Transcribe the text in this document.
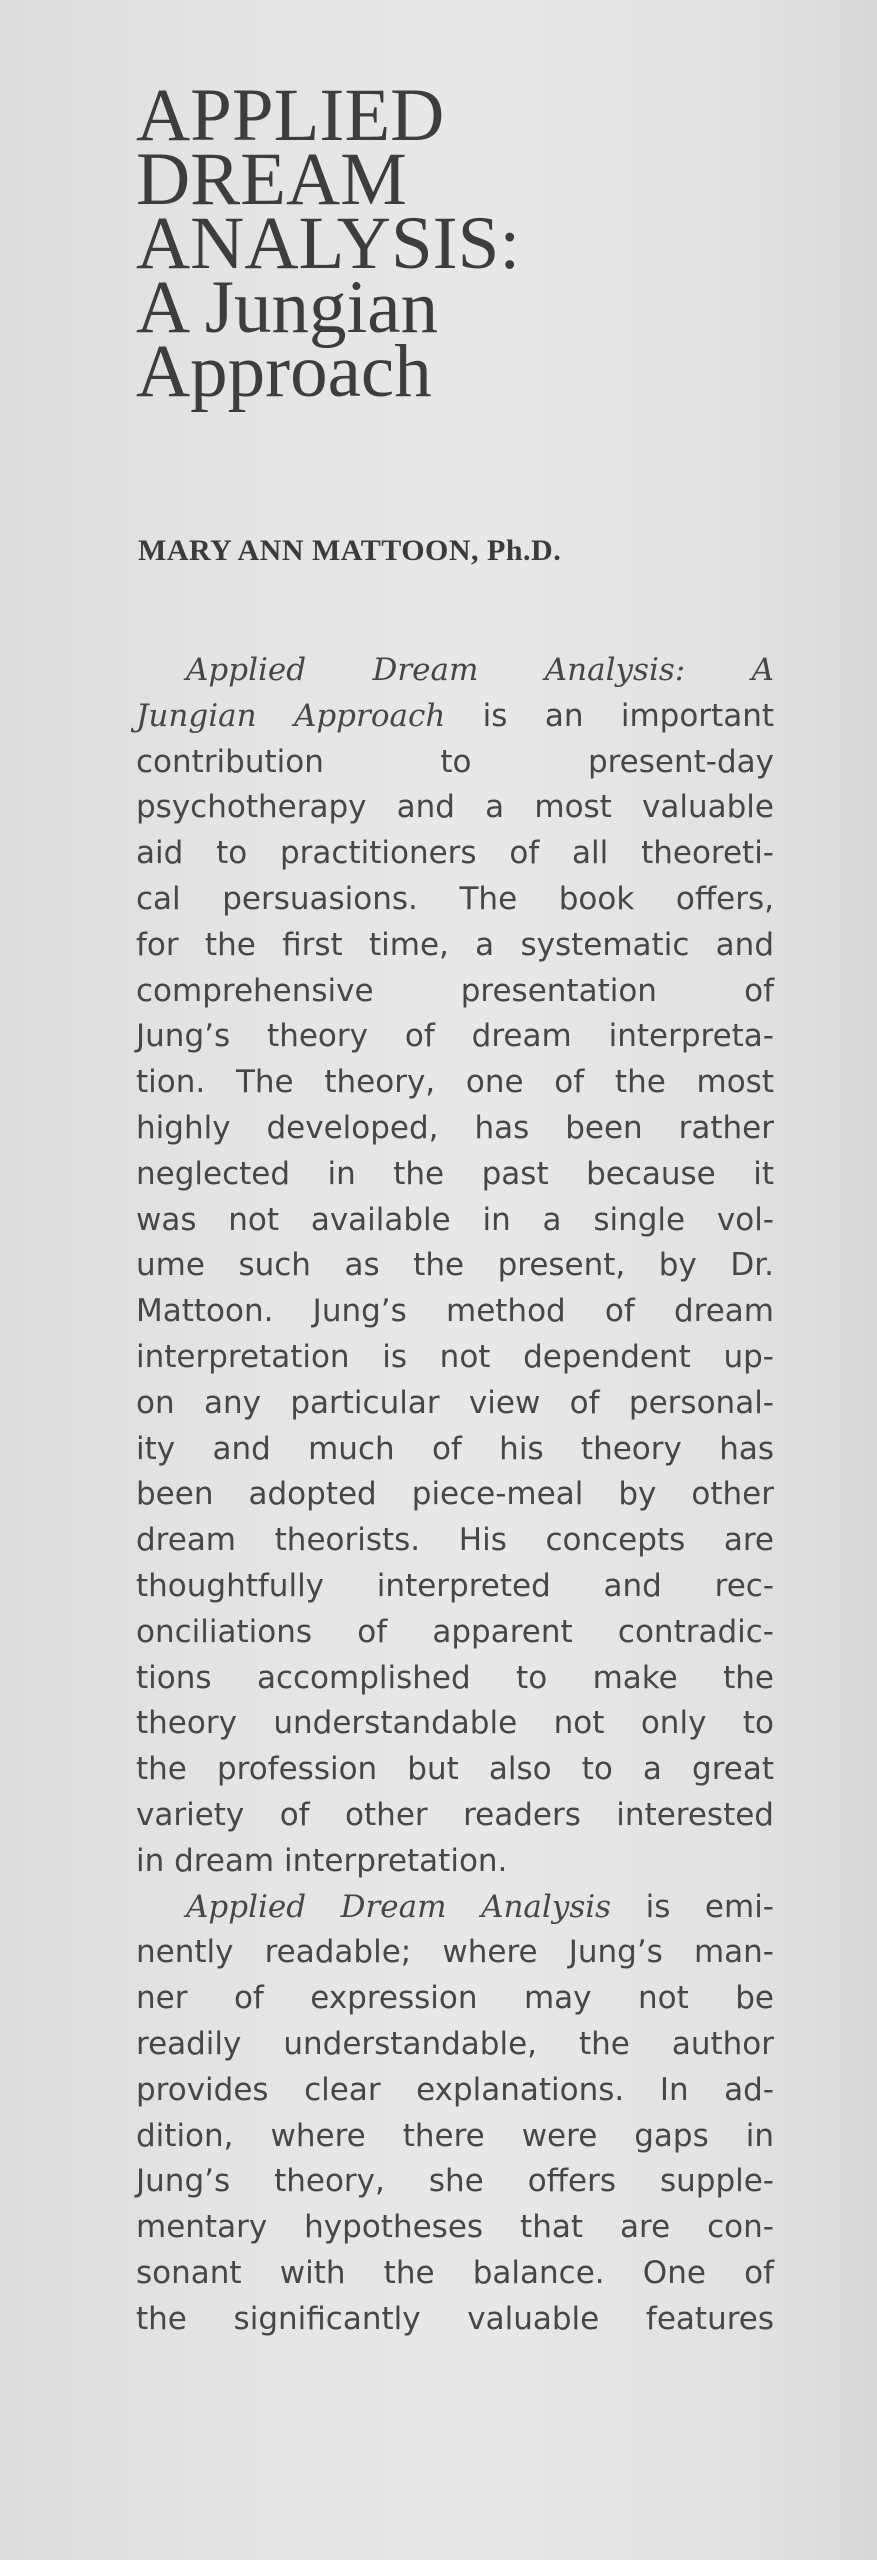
APPLIED
DREAM
ANALYSIS:
A Jungian
Approach
MARY ANN MATTOON, Ph.D.
Applied Dream Analysis: A
Jungian Approach is an important
contribution to present-day
psychotherapy and a most valuable
aid to practitioners of all theoreti-
cal persuasions. The book offers,
for the first time, a systematic and
comprehensive presentation of
Jung’s theory of dream interpreta-
tion. The theory, one of the most
highly developed, has been rather
neglected in the past because it
was not available in a single vol-
ume such as the present, by Dr.
Mattoon. Jung’s method of dream
interpretation is not dependent up-
on any particular view of personal-
ity and much of his theory has
been adopted piece-meal by other
dream theorists. His concepts are
thoughtfully interpreted and rec-
onciliations of apparent contradic-
tions accomplished to make the
theory understandable not only to
the profession but also to a great
variety of other readers interested
in dream interpretation.
Applied Dream Analysis is emi-
nently readable; where Jung’s man-
ner of expression may not be
readily understandable, the author
provides clear explanations. In ad-
dition, where there were gaps in
Jung’s theory, she offers supple-
mentary hypotheses that are con-
sonant with the balance. One of
the significantly valuable features
